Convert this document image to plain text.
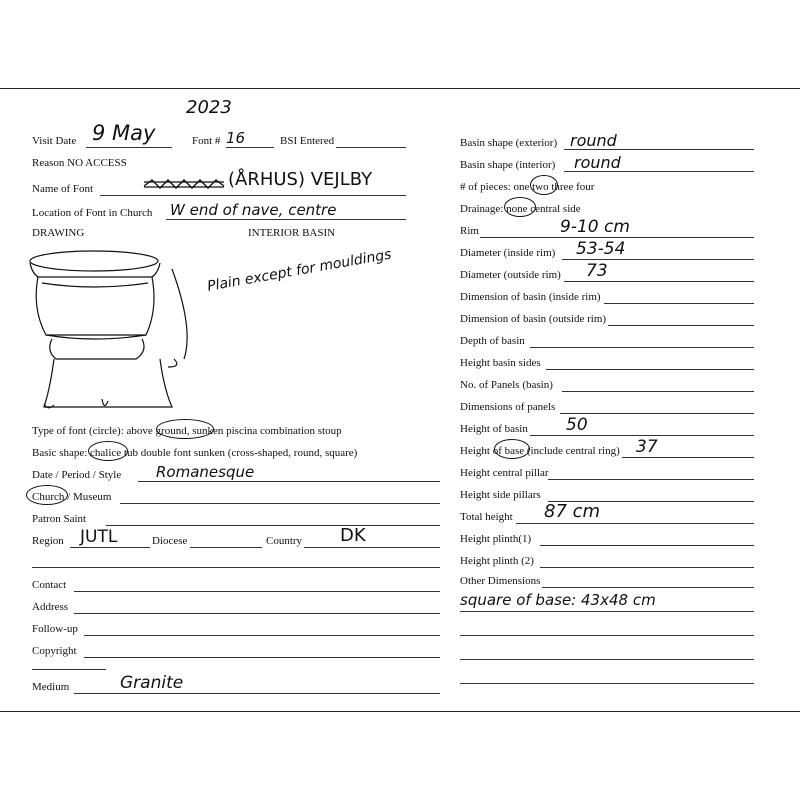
2023
Visit Date 9 May	Font # 16	BSI Entered
Reason NO ACCESS
Name of Font	(ÅRHUS) VEJLBY
Location of Font in Church W end of nave, centre
DRAWING	INTERIOR BASIN
Plain except for mouldings
Type of font (circle): above ground, sunken piscina combination stoup
Basic shape: chalice tub double font sunken (cross-shaped, round, square)
Date / Period / Style Romanesque
Church / Museum
Patron Saint
Region JUTL	Diocese	Country DK
Contact
Address
Follow-up
Copyright
Medium	Granite
Basin shape (exterior) round
Basin shape (interior) round
# of pieces: one two three four
Drainage: none central side
Rim	9-10 cm
Diameter (inside rim) 53-54
Diameter (outside rim) 73
Dimension of basin (inside rim)
Dimension of basin (outside rim)
Depth of basin
Height basin sides
No. of Panels (basin)
Dimensions of panels
Height of basin 50
Height of base (include central ring) 37
Height central pillar
Height side pillars
Total height 87 cm
Height plinth(1)
Height plinth (2)
Other Dimensions
square of base: 43x48 cm
